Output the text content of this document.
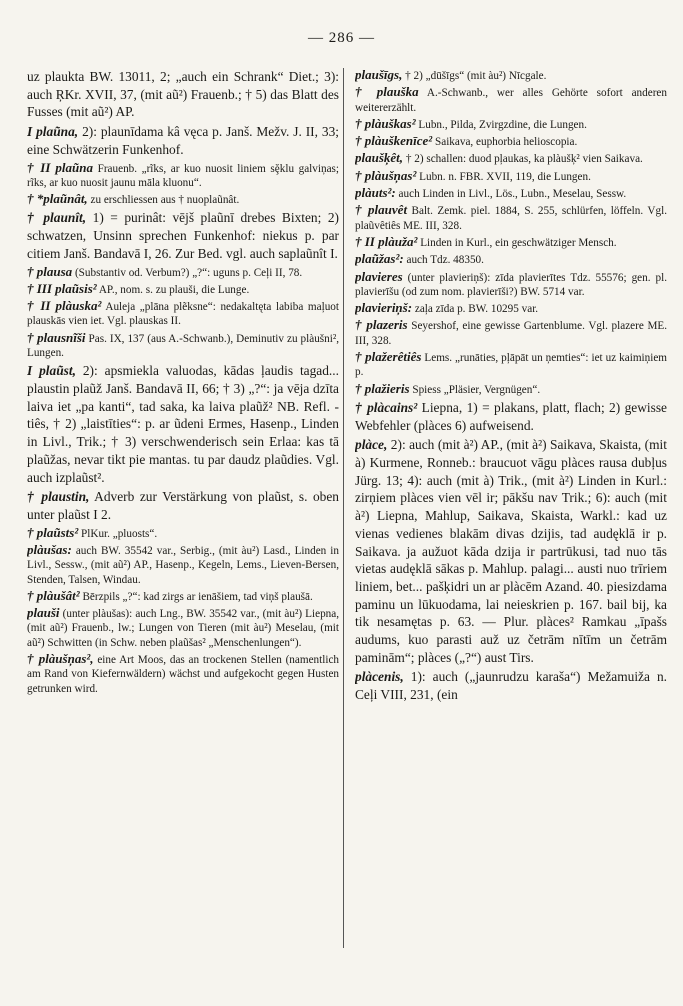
— 286 —

uz plaukta BW. 13011, 2; „auch ein Schrank“ Diet.; 3): auch ŖKr. XVII, 37, (mit aũ²) Frauenb.; † 5) das Blatt des Fusses (mit aũ²) AP.

I plaũna, 2): plaunīdama kâ vęca p. Janš. Mežv. J. II, 33; eine Schwätzerin Funkenhof.

† II plaũna Frauenb. „rĩks, ar kuo nuosit liniem sḝklu galviņas; rĩks, ar kuo nuosit jaunu māla kluonu“.

† *plaũnât, zu erschliessen aus † nuoplaũnât.

† plaunît, 1) = purinât: vējš plaũnī drebes Bixten; 2) schwatzen, Unsinn sprechen Funkenhof: niekus p. par citiem Janš. Bandavā I, 26. Zur Bed. vgl. auch saplaũnît I.

† plausa (Substantiv od. Verbum?) „?“: uguns p. Ceļi II, 78.

† III plaũsis² AP., nom. s. zu plauši, die Lunge.

† II plàuska² Auleja „plāna plẽksne“: nedakaltęta labiba maļuot plauskās vien iet. Vgl. plauskas II.

† plausnĩši Pas. IX, 137 (aus A.-Schwanb.), Deminutiv zu plàušni², Lungen.

I plaũst, 2): apsmiekla valuodas, kādas ļaudis tagad... plaustin plaũž Janš. Bandavā II, 66; † 3) „?“: ja vēja dzīta laiva iet „pa kanti“, tad saka, ka laiva plaũž² NB. Refl. -tiês, † 2) „laistīties“: p. ar ũdeni Ermes, Hasenp., Linden in Livl., Trik.; † 3) verschwenderisch sein Erlaa: kas tā plaũžas, nevar tikt pie mantas. tu par daudz plaũdies. Vgl. auch izplaũst².

† plaustin, Adverb zur Verstärkung von plaũst, s. oben unter plaũst I 2.

† plaũsts² PlKur. „pluosts“.

plàušas: auch BW. 35542 var., Serbig., (mit àu²) Lasd., Linden in Livl., Sessw., (mit aũ²) AP., Hasenp., Kegeln, Lems., Lieven-Bersen, Stenden, Talsen, Windau.

† plàušât² Bērzpils „?“: kad zirgs ar ienāšiem, tad viņš plaušā.

plauši (unter plàušas): auch Lng., BW. 35542 var., (mit àu²) Liepna, (mit aũ²) Frauenb., lw.; Lungen von Tieren (mit àu²) Meselau, (mit aũ²) Schwitten (in Schw. neben plaũšas² „Menschenlungen“).

† plàušņas², eine Art Moos, das an trockenen Stellen (namentlich am Rand von Kiefernwäldern) wächst und aufgekocht gegen Husten getrunken wird.

plaušīgs, † 2) „dūšīgs“ (mit àu²) Nīcgale.

† plauška A.-Schwanb., wer alles Gehörte sofort anderen weitererzählt.

† plàuškas² Lubn., Pilda, Zvirgzdine, die Lungen.

† plàuškenīce² Saikava, euphorbia helioscopia.

plaušķêt, † 2) schallen: duod pļaukas, ka plàušķ² vien Saikava.

† plàušņas² Lubn. n. FBR. XVII, 119, die Lungen.

plàuts²: auch Linden in Livl., Lös., Lubn., Meselau, Sessw.

† plauvêt Balt. Zemk. piel. 1884, S. 255, schlürfen, löffeln. Vgl. plaũvêtiês ME. III, 328.

† II plàuža² Linden in Kurl., ein geschwätziger Mensch.

plaũžas²: auch Tdz. 48350.

plavieres (unter plavieriņš): zīda plavierītes Tdz. 55576; gen. pl. plavierīšu (od zum nom. plavierīši?) BW. 5714 var.

plavieriņš: zaļa zīda p. BW. 10295 var.

† plazeris Seyershof, eine gewisse Gartenblume. Vgl. plazere ME. III, 328.

† plažerêtiês Lems. „runāties, pļāpāt un ņemties“: iet uz kaimiņiem p.

† plažieris Spiess „Pläsier, Vergnügen“.

† plàcains² Liepna, 1) = plakans, platt, flach; 2) gewisse Webfehler (plàces 6) aufweisend.

plàce, 2): auch (mit à²) AP., (mit à²) Saikava, Skaista, (mit à) Kurmene, Ronneb.: braucuot vāgu plàces rausa dubļus Jürg. 13; 4): auch (mit à) Trik., (mit à²) Linden in Kurl.: zirņiem plàces vien vēl ir; pākšu nav Trik.; 6): auch (mit à²) Liepna, Mahlup, Saikava, Skaista, Warkl.: kad uz vienas vedienes blakām divas dzijis, tad audęklā ir p. Saikava. ja aužuot kāda dzija ir partrūkusi, tad nuo tās vietas audęklā sākas p. Mahlup. palagi... austi nuo trīriem liniem, bet... pašķidri un ar plàcēm Azand. 40. piesizdama paminu un lūkuodama, lai neieskrien p. 167. bail bij, ka tik nesamętas p. 63. — Plur. plàces² Ramkau „īpašs audums, kuo parasti auž uz četrām nītīm un četrām paminām“; plàces („?“) aust Tirs.

plàcenis, 1): auch („jaunrudzu karaša“) Mežamuiža n. Ceļi VIII, 231, (ein
